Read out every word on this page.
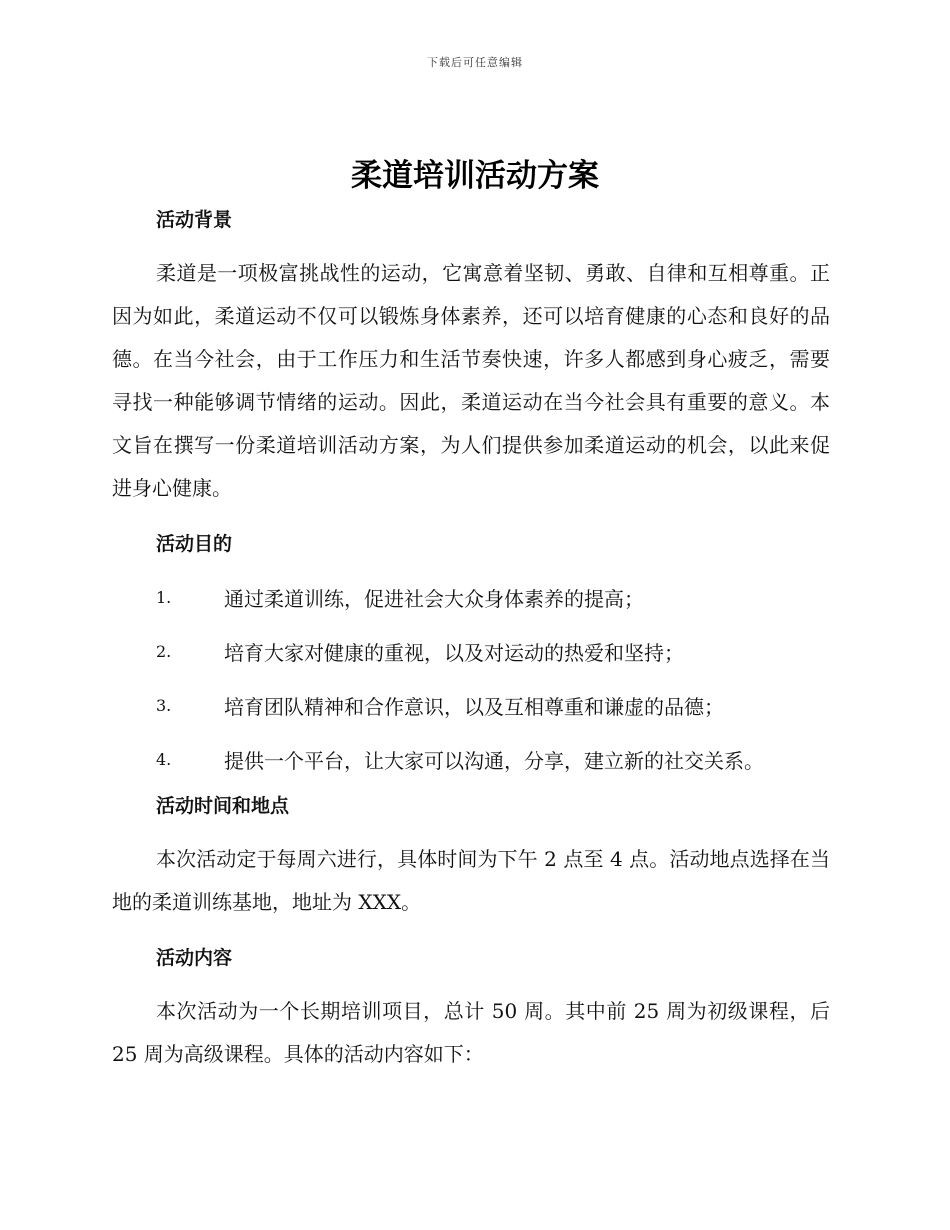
下载后可任意编辑
柔道培训活动方案
活动背景

柔道是一项极富挑战性的运动，它寓意着坚韧、勇敢、自律和互相尊重。正因为如此，柔道运动不仅可以锻炼身体素养，还可以培育健康的心态和良好的品德。在当今社会，由于工作压力和生活节奏快速，许多人都感到身心疲乏，需要寻找一种能够调节情绪的运动。因此，柔道运动在当今社会具有重要的意义。本文旨在撰写一份柔道培训活动方案，为人们提供参加柔道运动的机会，以此来促进身心健康。

活动目的
1.	通过柔道训练，促进社会大众身体素养的提高；
2.	培育大家对健康的重视，以及对运动的热爱和坚持；
3.	培育团队精神和合作意识，以及互相尊重和谦虚的品德；
4.	提供一个平台，让大家可以沟通，分享，建立新的社交关系。
活动时间和地点

本次活动定于每周六进行，具体时间为下午 2 点至 4 点。活动地点选择在当地的柔道训练基地，地址为 XXX。

活动内容

本次活动为一个长期培训项目，总计 50 周。其中前 25 周为初级课程，后 25 周为高级课程。具体的活动内容如下：
